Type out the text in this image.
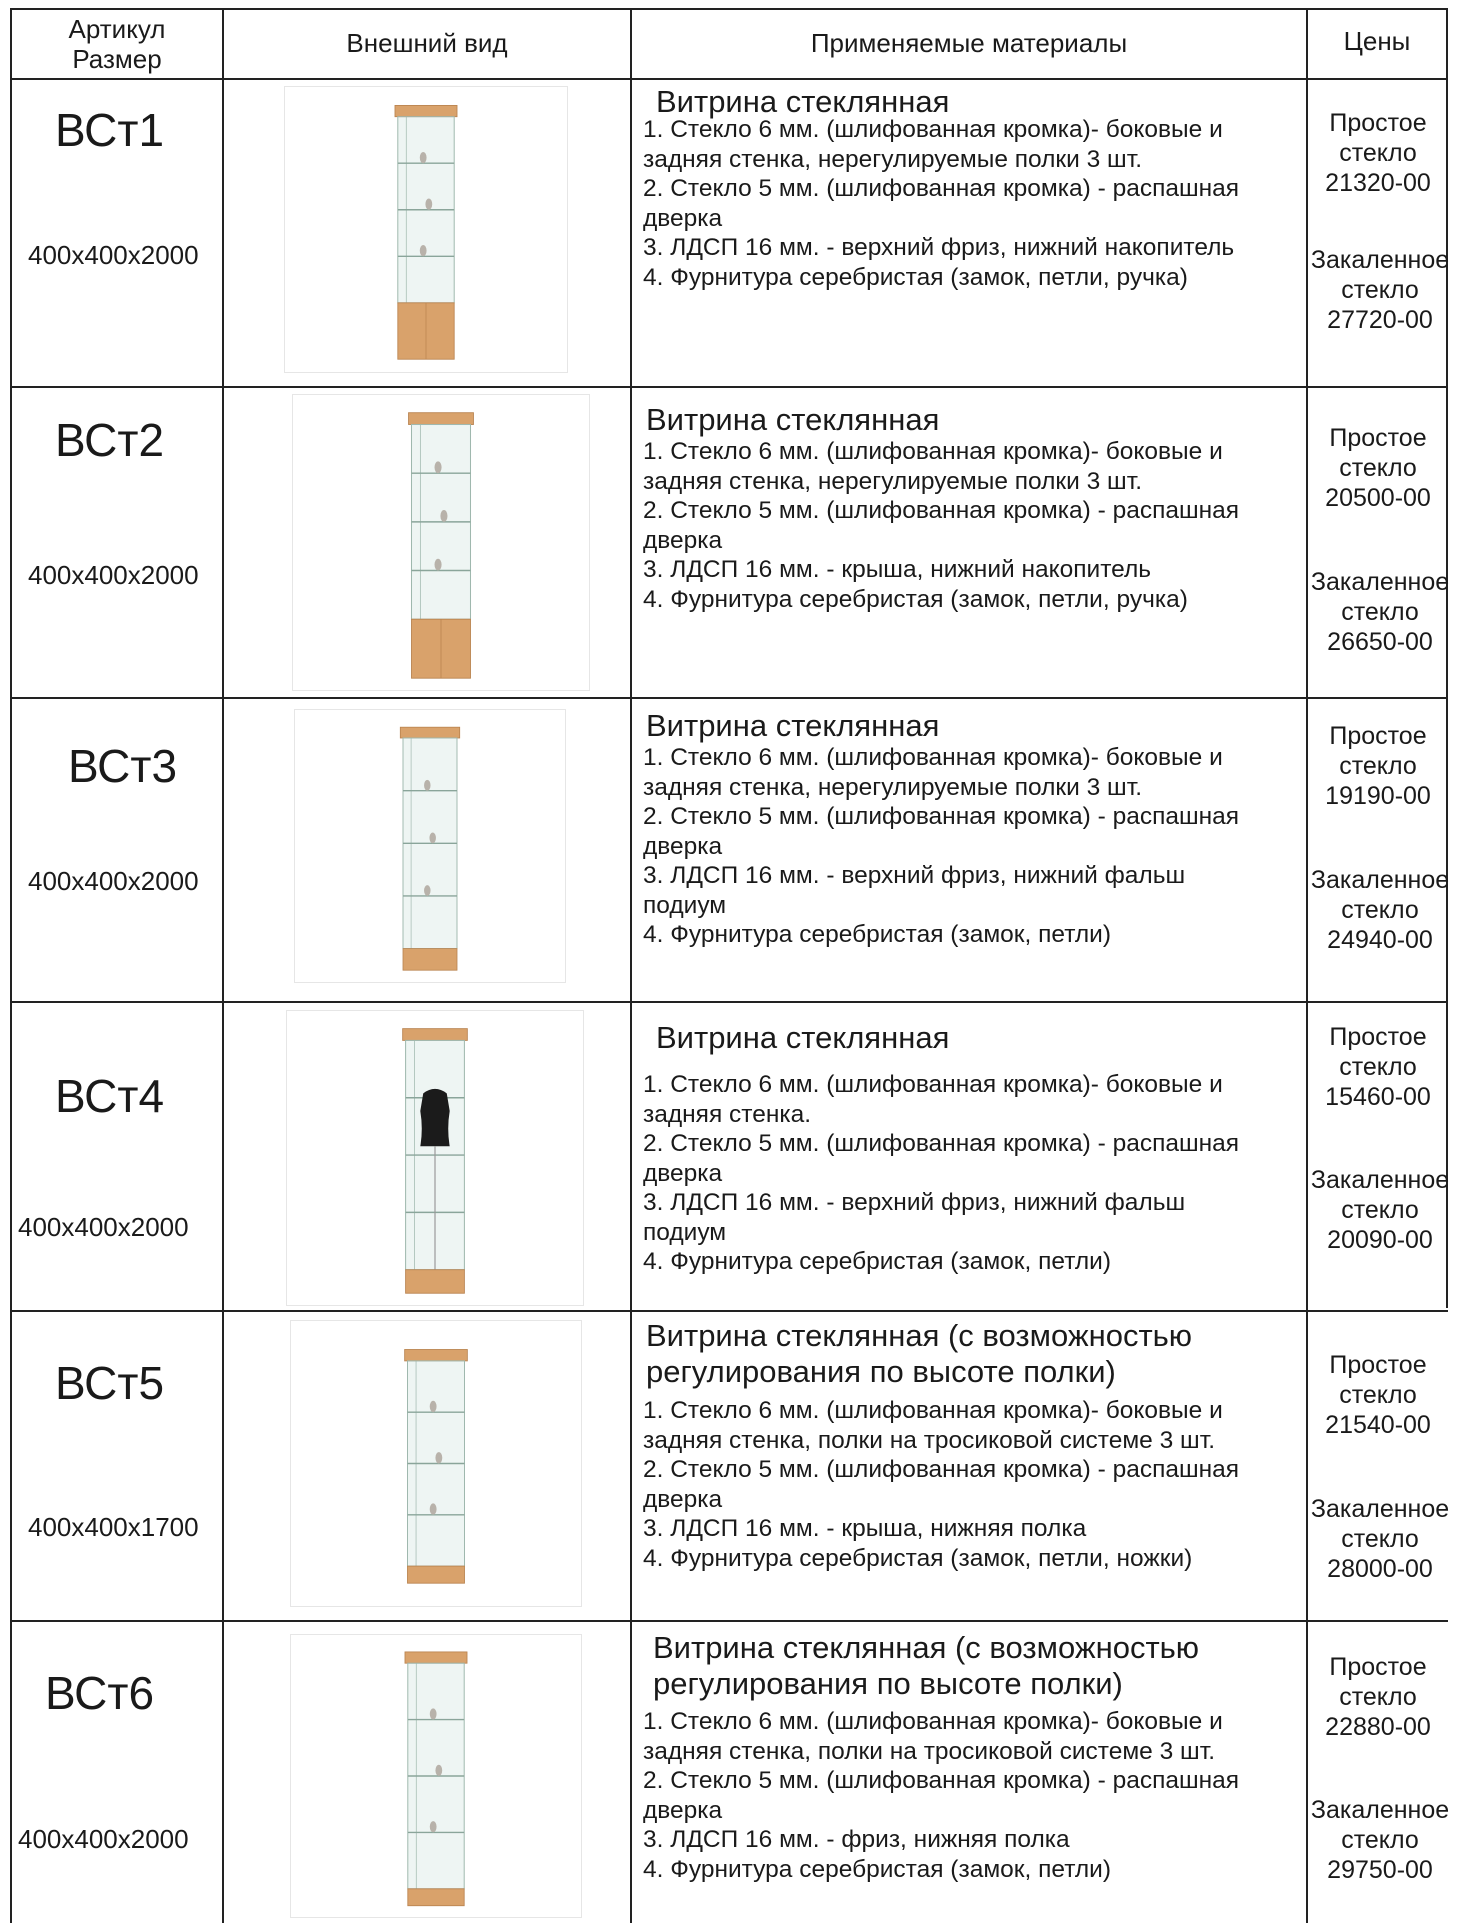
Артикул
Размер
Внешний вид	Применяемые материалы	Цены
ВСт1
400x400x2000
Витрина стеклянная
1. Стекло 6 мм. (шлифованная кромка)- боковые и
задняя стенка, нерегулируемые полки 3 шт.
2. Стекло 5 мм. (шлифованная кромка) - распашная
дверка
3. ЛДСП 16 мм. - верхний фриз, нижний накопитель
4. Фурнитура серебристая (замок, петли, ручка)
Простое
стекло
21320-00
Закаленное
стекло
27720-00
ВСт2
400x400x2000
Витрина стеклянная
1. Стекло 6 мм. (шлифованная кромка)- боковые и
задняя стенка, нерегулируемые полки 3 шт.
2. Стекло 5 мм. (шлифованная кромка) - распашная
дверка
3. ЛДСП 16 мм. - крыша, нижний накопитель
4. Фурнитура серебристая (замок, петли, ручка)
Простое
стекло
20500-00
Закаленное
стекло
26650-00
ВСт3
400x400x2000
Витрина стеклянная
1. Стекло 6 мм. (шлифованная кромка)- боковые и
задняя стенка, нерегулируемые полки 3 шт.
2. Стекло 5 мм. (шлифованная кромка) - распашная
дверка
3. ЛДСП 16 мм. - верхний фриз, нижний фальш
подиум
4. Фурнитура серебристая (замок, петли)
Простое
стекло
19190-00
Закаленное
стекло
24940-00
ВСт4
400x400x2000
Витрина стеклянная
1. Стекло 6 мм. (шлифованная кромка)- боковые и
задняя стенка.
2. Стекло 5 мм. (шлифованная кромка) - распашная
дверка
3. ЛДСП 16 мм. - верхний фриз, нижний фальш
подиум
4. Фурнитура серебристая (замок, петли)
Простое
стекло
15460-00
Закаленное
стекло
20090-00
ВСт5
400x400x1700
Витрина стеклянная (с возможностью
регулирования по высоте полки)
1. Стекло 6 мм. (шлифованная кромка)- боковые и
задняя стенка, полки на тросиковой системе 3 шт.
2. Стекло 5 мм. (шлифованная кромка) - распашная
дверка
3. ЛДСП 16 мм. - крыша, нижняя полка
4. Фурнитура серебристая (замок, петли, ножки)
Простое
стекло
21540-00
Закаленное
стекло
28000-00
ВСт6
400x400x2000
Витрина стеклянная (с возможностью
регулирования по высоте полки)
1. Стекло 6 мм. (шлифованная кромка)- боковые и
задняя стенка, полки на тросиковой системе 3 шт.
2. Стекло 5 мм. (шлифованная кромка) - распашная
дверка
3. ЛДСП 16 мм. - фриз, нижняя полка
4. Фурнитура серебристая (замок, петли)
Простое
стекло
22880-00
Закаленное
стекло
29750-00
